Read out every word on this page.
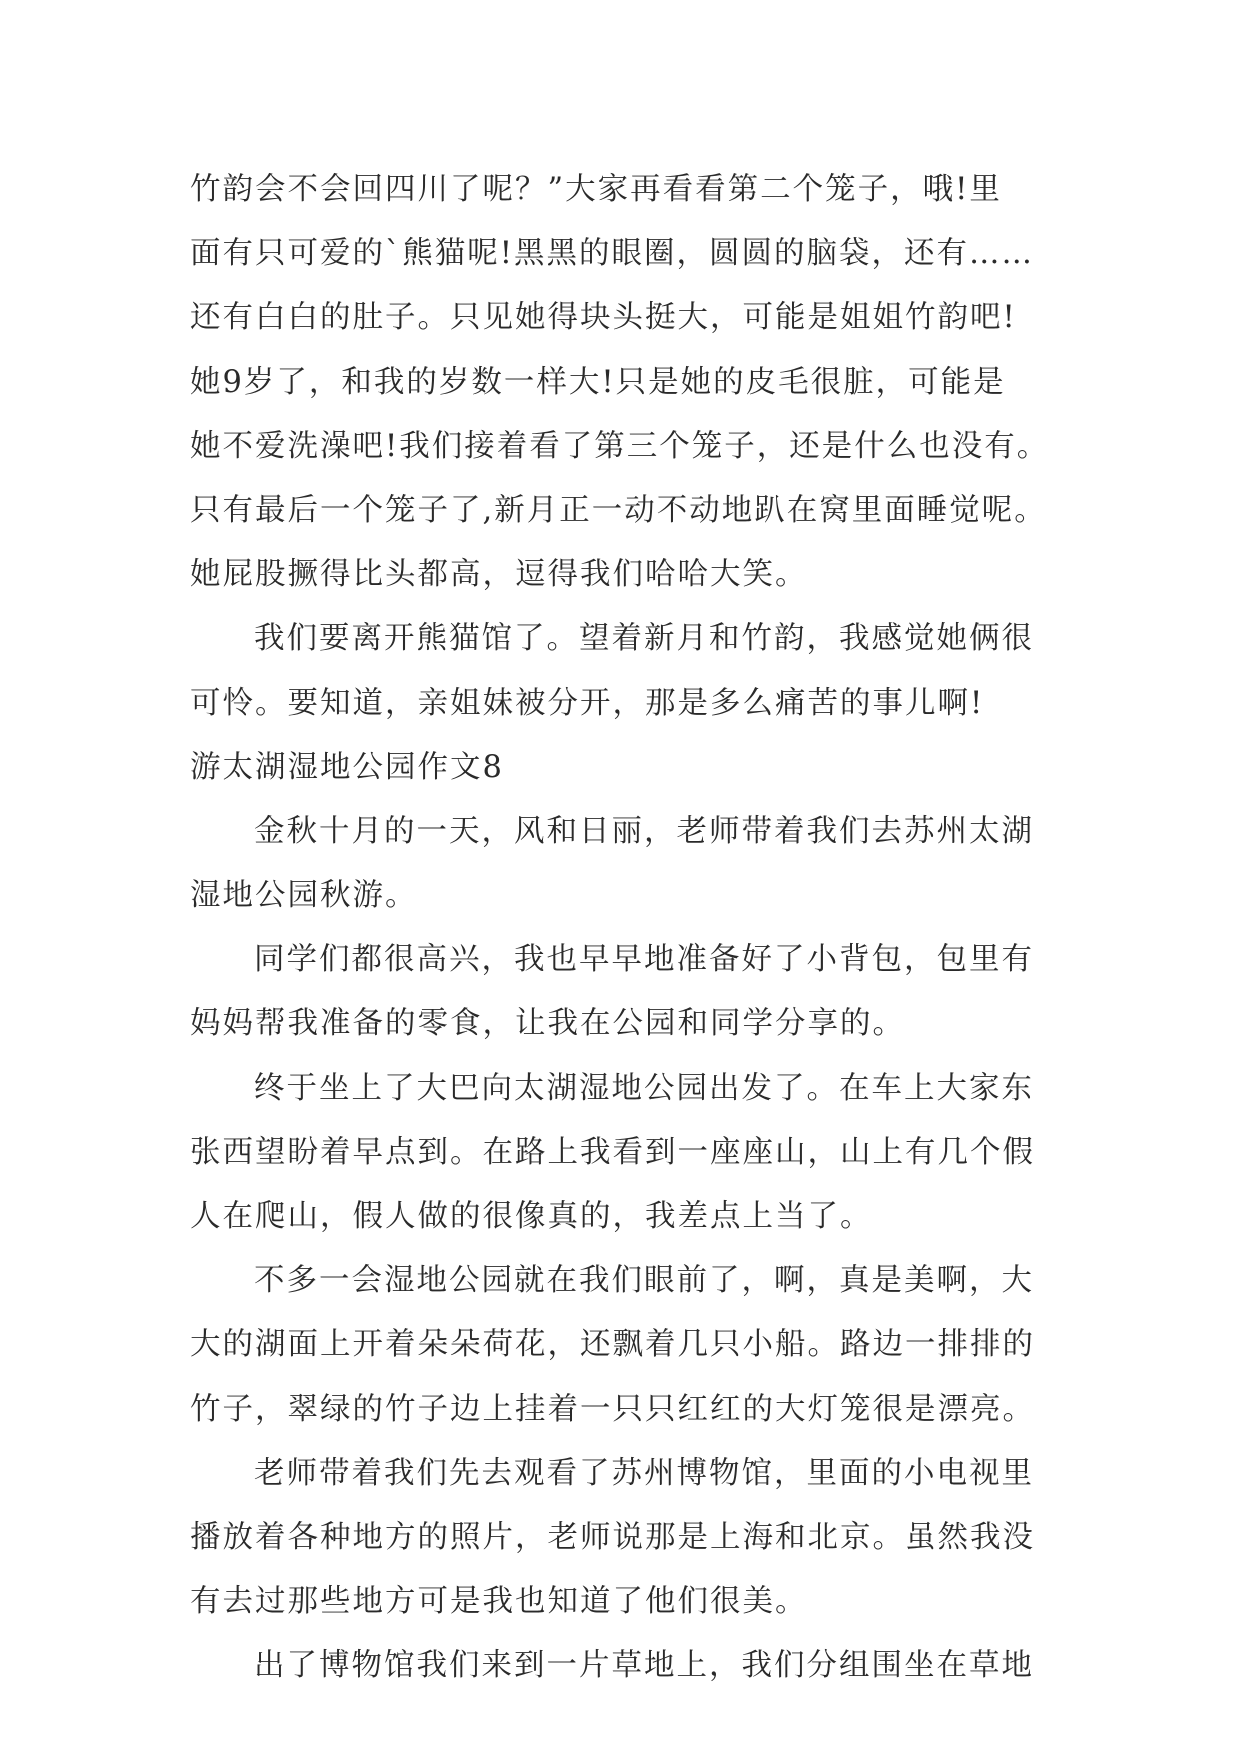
竹韵会不会回四川了呢？”大家再看看第二个笼子，哦!里
面有只可爱的`熊猫呢!黑黑的眼圈，圆圆的脑袋，还有……
还有白白的肚子。只见她得块头挺大，可能是姐姐竹韵吧!
她9岁了，和我的岁数一样大!只是她的皮毛很脏，可能是
她不爱洗澡吧!我们接着看了第三个笼子，还是什么也没有。
只有最后一个笼子了,新月正一动不动地趴在窝里面睡觉呢。
她屁股撅得比头都高，逗得我们哈哈大笑。
我们要离开熊猫馆了。望着新月和竹韵，我感觉她俩很
可怜。要知道，亲姐妹被分开，那是多么痛苦的事儿啊!
游太湖湿地公园作文8
金秋十月的一天，风和日丽，老师带着我们去苏州太湖
湿地公园秋游。
同学们都很高兴，我也早早地准备好了小背包，包里有
妈妈帮我准备的零食，让我在公园和同学分享的。
终于坐上了大巴向太湖湿地公园出发了。在车上大家东
张西望盼着早点到。在路上我看到一座座山，山上有几个假
人在爬山，假人做的很像真的，我差点上当了。
不多一会湿地公园就在我们眼前了，啊，真是美啊，大
大的湖面上开着朵朵荷花，还飘着几只小船。路边一排排的
竹子，翠绿的竹子边上挂着一只只红红的大灯笼很是漂亮。
老师带着我们先去观看了苏州博物馆，里面的小电视里
播放着各种地方的照片，老师说那是上海和北京。虽然我没
有去过那些地方可是我也知道了他们很美。
出了博物馆我们来到一片草地上，我们分组围坐在草地
